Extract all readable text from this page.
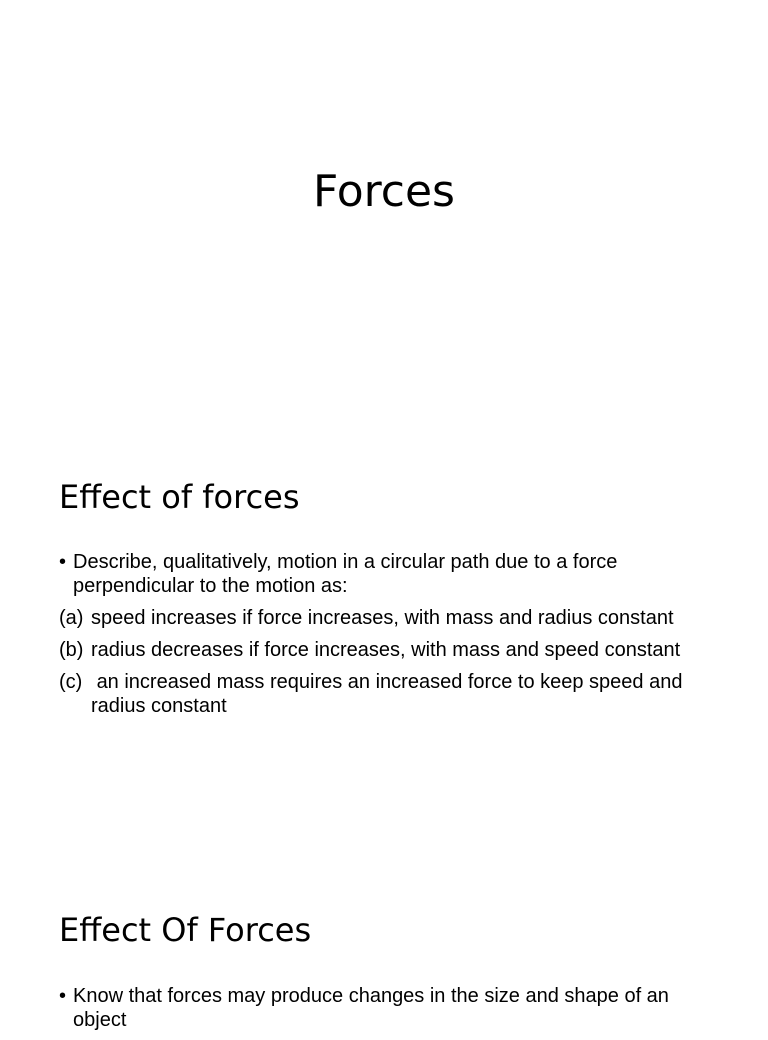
Forces
Effect of forces
• Describe, qualitatively, motion in a circular path due to a force perpendicular to the motion as:
(a) speed increases if force increases, with mass and radius constant
(b) radius decreases if force increases, with mass and speed constant
(c) an increased mass requires an increased force to keep speed and radius constant
Effect Of Forces
• Know that forces may produce changes in the size and shape of an object
